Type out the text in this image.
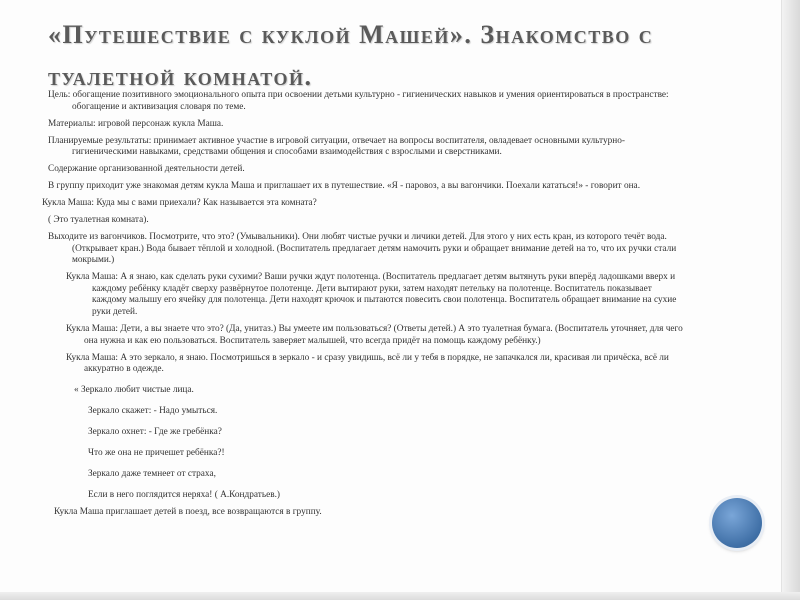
«Путешествие с куклой Машей». Знакомство с туалетной комнатой.

Цель: обогащение позитивного эмоционального опыта при освоении детьми культурно - гигиенических навыков и умения ориентироваться в пространстве: обогащение и активизация словаря по теме.

Материалы: игровой персонаж кукла Маша.

Планируемые результаты: принимает активное участие в игровой ситуации, отвечает на вопросы воспитателя, овладевает основными культурно-гигиеническими навыками, средствами общения и способами взаимодействия с взрослыми и сверстниками.

Содержание организованной деятельности детей.

В группу приходит уже знакомая детям кукла Маша и приглашает их в путешествие. «Я - паровоз, а вы вагончики. Поехали кататься!» - говорит она.

Кукла Маша: Куда мы с вами приехали? Как называется эта комната?

( Это туалетная комната).

Выходите из вагончиков. Посмотрите, что это? (Умывальники). Они любят чистые ручки и личики детей. Для этого у них есть кран, из которого течёт вода. (Открывает кран.) Вода бывает тёплой и холодной. (Воспитатель предлагает детям намочить руки и обращает внимание детей на то, что их ручки стали мокрыми.)

Кукла Маша: А я знаю, как сделать руки сухими? Ваши ручки ждут полотенца. (Воспитатель предлагает детям вытянуть руки вперёд ладошками вверх и каждому ребёнку кладёт сверху развёрнутое полотенце. Дети вытирают руки, затем находят петельку на полотенце. Воспитатель показывает каждому малышу его ячейку для полотенца. Дети находят крючок и пытаются повесить свои полотенца. Воспитатель обращает внимание на сухие руки детей.

Кукла Маша: Дети, а вы знаете что это? (Да, унитаз.) Вы умеете им пользоваться? (Ответы детей.) А это туалетная бумага. (Воспитатель уточняет, для чего она нужна и как ею пользоваться. Воспитатель заверяет малышей, что всегда придёт на помощь каждому ребёнку.)

Кукла Маша: А это зеркало, я знаю. Посмотришься в зеркало - и сразу увидишь, всё ли у тебя в порядке, не запачкался ли, красивая ли причёска, всё ли аккуратно в одежде.

« Зеркало любит чистые лица.

Зеркало скажет: - Надо умыться.

Зеркало охнет: - Где же гребёнка?

Что же она не причешет ребёнка?!

Зеркало даже темнеет от страха,

Если в него поглядится неряха! ( А.Кондратьев.)

Кукла Маша приглашает детей в поезд, все возвращаются в группу.
